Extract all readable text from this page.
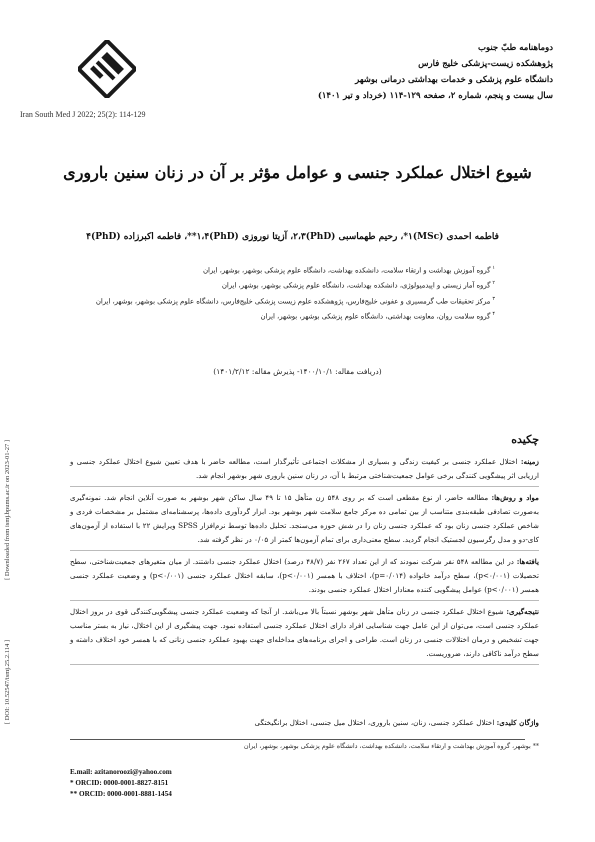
Iran South Med J 2022; 25(2): 114-129
دوماهنامه طبّ جنوب
پژوهشکده زیست-پزشکی خلیج فارس
دانشگاه علوم پزشکی و خدمات بهداشتی درمانی بوشهر
سال بیست و پنجم، شماره ۲، صفحه ۱۲۹-۱۱۴ (خرداد و تیر ۱۴۰۱)
شیوع اختلال عملکرد جنسی و عوامل مؤثر بر آن در زنان سنین باروری
فاطمه احمدی (MSc)۱*، رحیم طهماسبی (PhD)۲،۳، آزیتا نوروزی (PhD)۱،۴**، فاطمه اکبرزاده (PhD)۴
$^۱$گروه آموزش بهداشت و ارتقاء سلامت، دانشکده بهداشت، دانشگاه علوم پزشکی بوشهر، بوشهر، ایران
$^۲$گروه آمار زیستی و اپیدمیولوژی، دانشکده بهداشت، دانشگاه علوم پزشکی بوشهر، بوشهر، ایران
$^۳$مرکز تحقیقات طب گرمسیری و عفونی خلیج‌فارس، پژوهشکده علوم زیست پزشکی خلیج‌فارس، دانشگاه علوم پزشکی بوشهر، بوشهر، ایران
$^۴$گروه سلامت روان، معاونت بهداشتی، دانشگاه علوم پزشکی بوشهر، بوشهر، ایران
(دریافت مقاله: ۱۴۰۰/۱۰/۱- پذیرش مقاله: ۱۴۰۱/۲/۱۲)
[ Downloaded from ismj.bpums.ac.ir on 2023-01-27 ]
[ DOI: 10.52547/ismj.25.2.114 ]
چکیده

زمینه: اختلال عملکرد جنسی بر کیفیت زندگی و بسیاری از مشکلات اجتماعی تأثیرگذار است، مطالعه حاضر با هدف تعیین شیوع اختلال عملکرد جنسی و ارزیابی اثر پیشگویی کنندگی برخی عوامل جمعیت‌شناختی مرتبط با آن، در زنان سنین باروری شهر بوشهر انجام شد.

مواد و روش‌ها: مطالعه حاضر، از نوع مقطعی است که بر روی ۵۴۸ زن متأهل ۱۵ تا ۴۹ سال ساکن شهر بوشهر به صورت آنلاین انجام شد. نمونه‌گیری به‌صورت تصادفی طبقه‌بندی متناسب از بین تمامی ده مرکز جامع سلامت شهر بوشهر بود. ابزار گردآوری داده‌ها، پرسشنامه‌ای مشتمل بر مشخصات فردی و شاخص عملکرد جنسی زنان بود که عملکرد جنسی زنان را در شش حوزه می‌سنجد. تحلیل داده‌ها توسط نرم‌افزار SPSS ویرایش ۲۲ با استفاده از آزمون‌های کای-دو و مدل رگرسیون لجستیک انجام گردید. سطح معنی‌داری برای تمام آزمون‌ها کمتر از ۰/۰۵ در نظر گرفته شد.

یافته‌ها: در این مطالعه ۵۴۸ نفر شرکت نمودند که از این تعداد ۲۶۷ نفر (۴۸/۷ درصد) اختلال عملکرد جنسی داشتند. از میان متغیرهای جمعیت‌شناختی، سطح تحصیلات (p<۰/۰۰۱)، سطح درآمد خانواده (p=۰/۰۱۴)، اختلاف با همسر (p<۰/۰۰۱)، سابقه اختلال عملکرد جنسی (p<۰/۰۰۱) و وضعیت عملکرد جنسی همسر (p<۰/۰۰۱) عوامل پیشگویی کننده معنادار اختلال عملکرد جنسی بودند.

نتیجه‌گیری: شیوع اختلال عملکرد جنسی در زنان متأهل شهر بوشهر نسبتاً بالا می‌باشد. از آنجا که وضعیت عملکرد جنسی پیشگویی‌کنندگی قوی در بروز اختلال عملکرد جنسی است، می‌توان از این عامل جهت شناسایی افراد دارای اختلال عملکرد جنسی استفاده نمود. جهت پیشگیری از این اختلال، نیاز به بستر مناسب جهت تشخیص و درمان اختلالات جنسی در زنان است. طراحی و اجرای برنامه‌های مداخله‌ای جهت بهبود عملکرد جنسی زنانی که با همسر خود اختلاف داشته و سطح درآمد ناکافی دارند، ضروریست.

واژگان کلیدی: اختلال عملکرد جنسی، زنان، سنین باروری، اختلال میل جنسی، اختلال برانگیختگی
** بوشهر، گروه آموزش بهداشت و ارتقاء سلامت، دانشکده بهداشت، دانشگاه علوم پزشکی بوشهر، بوشهر، ایران
E.mail: azitanoroozi@yahoo.com
* ORCID: 0000-0001-8827-8151
** ORCID: 0000-0001-8881-1454
